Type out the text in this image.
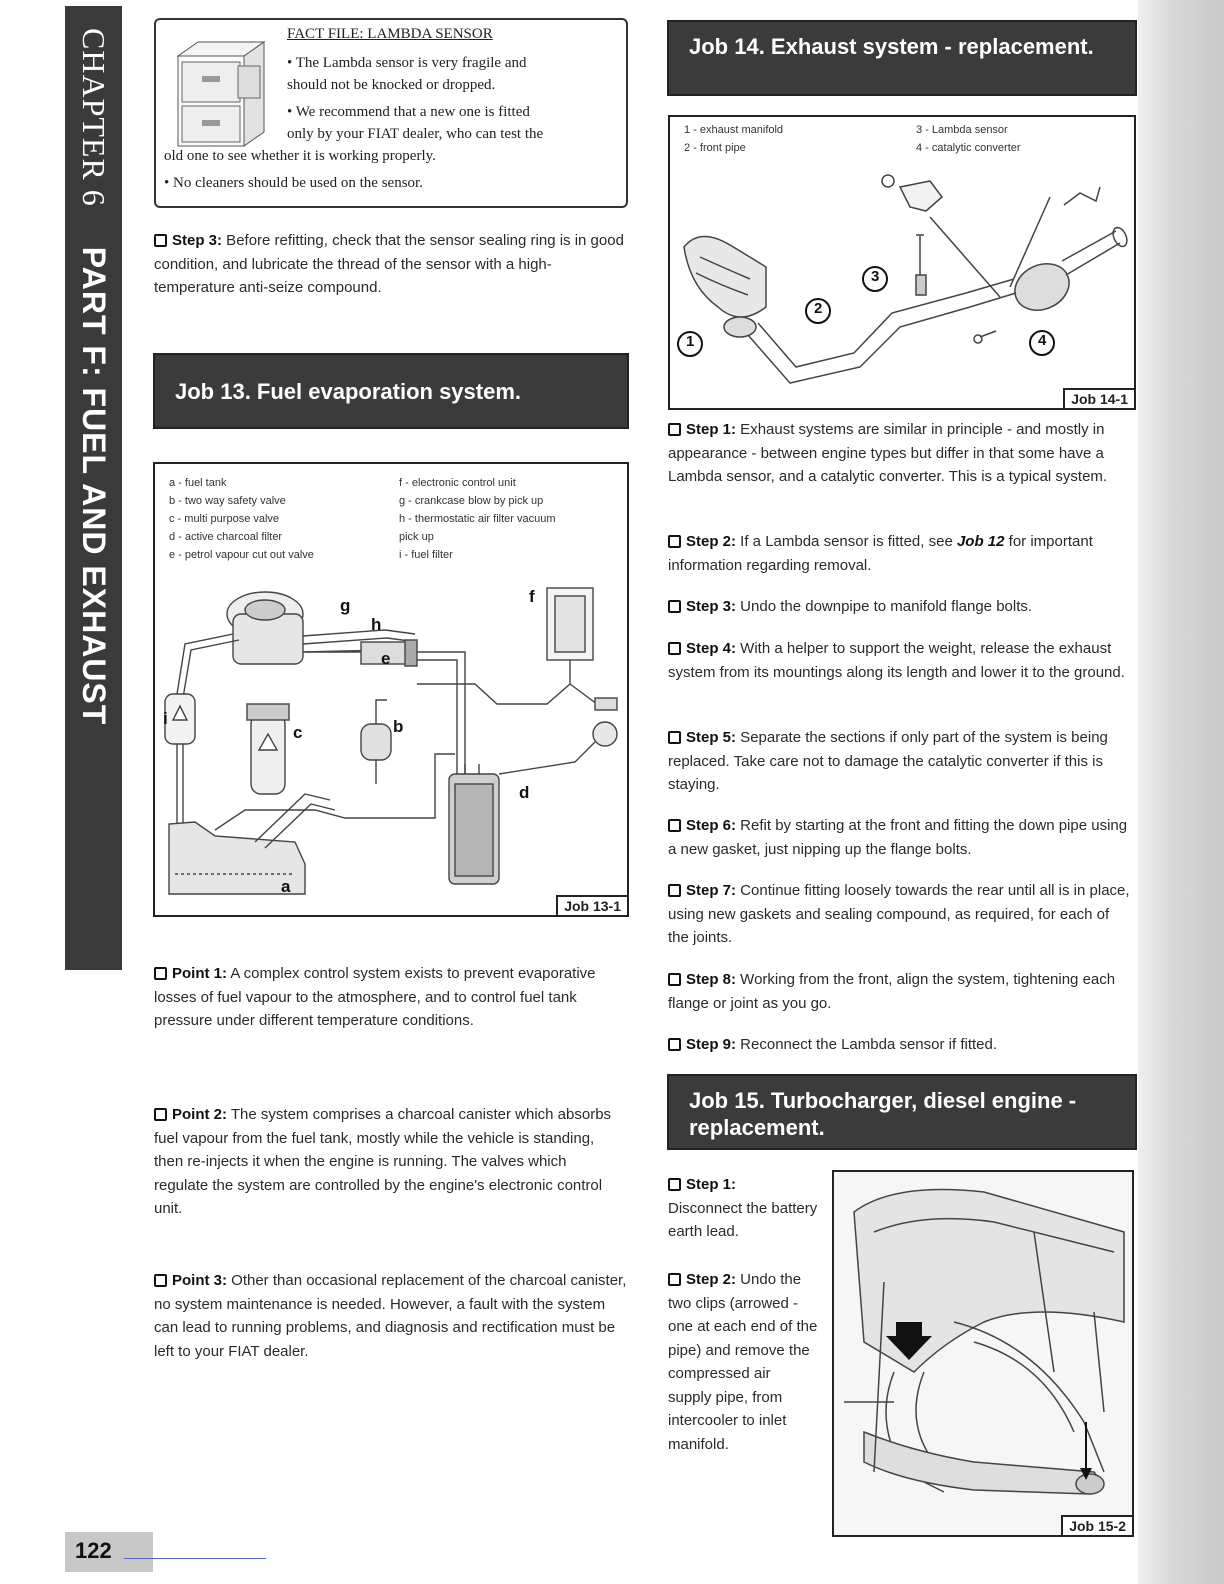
CHAPTER 6
PART F: FUEL AND EXHAUST
FACT FILE: LAMBDA SENSOR
• The Lambda sensor is very fragile and
should not be knocked or dropped.
• We recommend that a new one is fitted
only by your FIAT dealer, who can test the
old one to see whether it is working properly.
• No cleaners should be used on the sensor.
Step 3: Before refitting, check that the sensor sealing ring is in good condition, and lubricate the thread of the sensor with a high-temperature anti-seize compound.
Job 13. Fuel evaporation system.
a - fuel tank
b - two way safety valve
c - multi purpose valve
d - active charcoal filter
e - petrol vapour cut out valve
f - electronic control unit
g - crankcase blow by pick up
h - thermostatic air filter vacuum
pick up
i - fuel filter
g
h
f
e
c	b
i
d
a
Job 13-1
Point 1: A complex control system exists to prevent evaporative losses of fuel vapour to the atmosphere, and to control fuel tank pressure under different temperature conditions.
Point 2: The system comprises a charcoal canister which absorbs fuel vapour from the fuel tank, mostly while the vehicle is standing, then re-injects it when the engine is running. The valves which regulate the system are controlled by the engine's electronic control unit.
Point 3: Other than occasional replacement of the charcoal canister, no system maintenance is needed. However, a fault with the system can lead to running problems, and diagnosis and rectification must be left to your FIAT dealer.
Job 14. Exhaust system - replacement.
1 - exhaust manifold
2 - front pipe
3 - Lambda sensor
4 - catalytic converter
1
2
3
4
Job 14-1
Step 1: Exhaust systems are similar in principle - and mostly in appearance - between engine types but differ in that some have a Lambda sensor, and a catalytic converter. This is a typical system.
Step 2: If a Lambda sensor is fitted, see Job 12 for important information regarding removal.
Step 3: Undo the downpipe to manifold flange bolts.
Step 4: With a helper to support the weight, release the exhaust system from its mountings along its length and lower it to the ground.
Step 5: Separate the sections if only part of the system is being replaced. Take care not to damage the catalytic converter if this is staying.
Step 6: Refit by starting at the front and fitting the down pipe using a new gasket, just nipping up the flange bolts.
Step 7: Continue fitting loosely towards the rear until all is in place, using new gaskets and sealing compound, as required, for each of the joints.
Step 8: Working from the front, align the system, tightening each flange or joint as you go.
Step 9: Reconnect the Lambda sensor if fitted.
Job 15. Turbocharger, diesel engine - replacement.
Step 1:
Disconnect the battery earth lead.
Step 2: Undo the two clips (arrowed - one at each end of the pipe) and remove the compressed air supply pipe, from intercooler to inlet manifold.
Job 15-2
122
